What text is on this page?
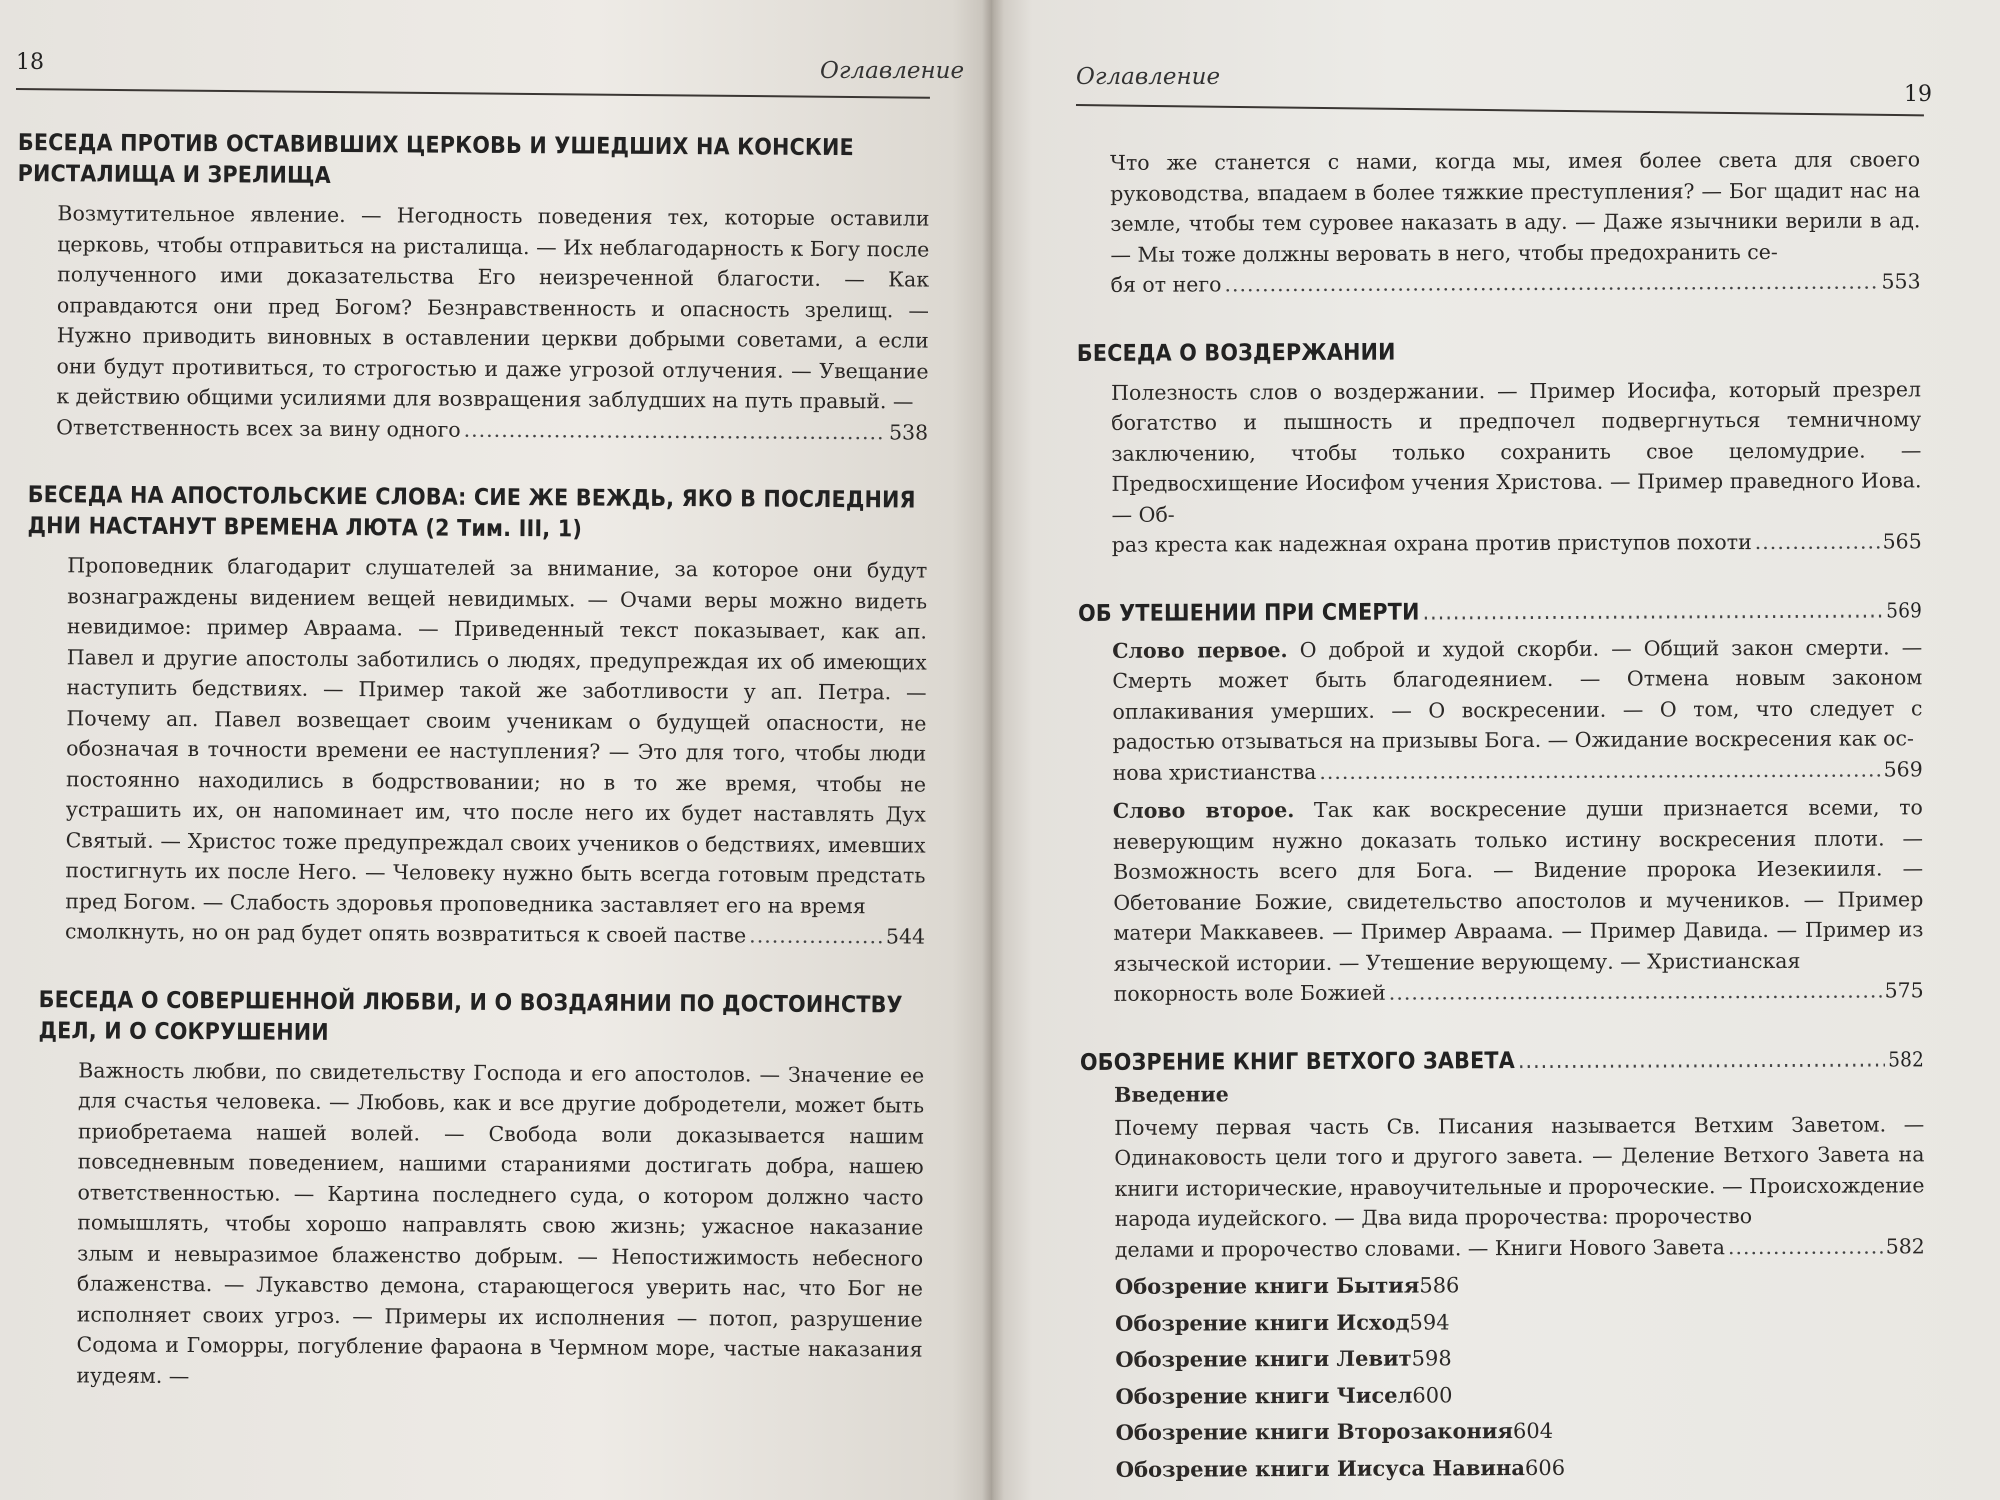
18	Оглавление
БЕСЕДА ПРОТИВ ОСТАВИВШИХ ЦЕРКОВЬ И УШЕДШИХ НА КОНСКИЕ РИСТАЛИЩА И ЗРЕЛИЩА
Возмутительное явление. — Негодность поведения тех, которые оставили церковь, чтобы отправиться на ристалища. — Их неблагодарность к Богу после полученного ими доказательства Его неизреченной благости. — Как оправдаются они пред Богом? Безнравственность и опасность зрелищ. — Нужно приводить виновных в оставлении церкви добрыми советами, а если они будут противиться, то строгостью и даже угрозой отлучения. — Увещание к действию общими усилиями для возвращения заблудших на путь правый. —
Ответственность всех за вину одного .....	538
БЕСЕДА НА АПОСТОЛЬСКИЕ СЛОВА: СИЕ ЖЕ ВЕЖДЬ, ЯКО В ПОСЛЕДНИЯ ДНИ НАСТАНУТ ВРЕМЕНА ЛЮТА (2 Тим. III, 1)
Проповедник благодарит слушателей за внимание, за которое они будут вознаграждены видением вещей невидимых. — Очами веры можно видеть невидимое: пример Авраама. — Приведенный текст показывает, как ап. Павел и другие апостолы заботились о людях, предупреждая их об имеющих наступить бедствиях. — Пример такой же заботливости у ап. Петра. — Почему ап. Павел возвещает своим ученикам о будущей опасности, не обозначая в точности времени ее наступления? — Это для того, чтобы люди постоянно находились в бодрствовании; но в то же время, чтобы не устрашить их, он напоминает им, что после него их будет наставлять Дух Святый. — Христос тоже предупреждал своих учеников о бедствиях, имевших постигнуть их после Него. — Человеку нужно быть всегда готовым предстать пред Богом. — Слабость здоровья проповедника заставляет его на время
смолкнуть, но он рад будет опять возвратиться к своей пастве .....	544
БЕСЕДА О СОВЕРШЕННОЙ ЛЮБВИ, И О ВОЗДАЯНИИ ПО ДОСТОИНСТВУ ДЕЛ, И О СОКРУШЕНИИ
Важность любви, по свидетельству Господа и его апостолов. — Значение ее для счастья человека. — Любовь, как и все другие добродетели, может быть приобретаема нашей волей. — Свобода воли доказывается нашим повседневным поведением, нашими стараниями достигать добра, нашею ответственностью. — Картина последнего суда, о котором должно часто помышлять, чтобы хорошо направлять свою жизнь; ужасное наказание злым и невыразимое блаженство добрым. — Непостижимость небесного блаженства. — Лукавство демона, старающегося уверить нас, что Бог не исполняет своих угроз. — Примеры их исполнения — потоп, разрушение Содома и Гоморры, погубление фараона в Чермном море, частые наказания иудеям. —
Оглавление
19
Что же станется с нами, когда мы, имея более света для своего руководства, впадаем в более тяжкие преступления? — Бог щадит нас на земле, чтобы тем суровее наказать в аду. — Даже язычники верили в ад. — Мы тоже должны веровать в него, чтобы предохранить се-
бя от него .....	553
БЕСЕДА О ВОЗДЕРЖАНИИ
Полезность слов о воздержании. — Пример Иосифа, который презрел богатство и пышность и предпочел подвергнуться темничному заключению, чтобы только сохранить свое целомудрие. — Предвосхищение Иосифом учения Христова. — Пример праведного Иова. — Об-
раз креста как надежная охрана против приступов похоти .....	565
ОБ УТЕШЕНИИ ПРИ СМЕРТИ .....	569
Слово первое. О доброй и худой скорби. — Общий закон смерти. — Смерть может быть благодеянием. — Отмена новым законом оплакивания умерших. — О воскресении. — О том, что следует с радостью отзываться на призывы Бога. — Ожидание воскресения как ос-
нова христианства .....	569
Слово второе. Так как воскресение души признается всеми, то неверующим нужно доказать только истину воскресения плоти. — Возможность всего для Бога. — Видение пророка Иезекииля. — Обетование Божие, свидетельство апостолов и мучеников. — Пример матери Маккавеев. — Пример Авраама. — Пример Давида. — Пример из языческой истории. — Утешение верующему. — Христианская
покорность воле Божией .....	575
ОБОЗРЕНИЕ КНИГ ВЕТХОГО ЗАВЕТА .....	582
Введение
Почему первая часть Св. Писания называется Ветхим Заветом. — Одинаковость цели того и другого завета. — Деление Ветхого Завета на книги исторические, нравоучительные и пророческие. — Происхождение народа иудейского. — Два вида пророчества: пророчество
делами и пророчество словами. — Книги Нового Завета .....	582
Обозрение книги Бытия 586
Обозрение книги Исход 594
Обозрение книги Левит 598
Обозрение книги Чисел 600
Обозрение книги Второзакония 604
Обозрение книги Иисуса Навина 606
